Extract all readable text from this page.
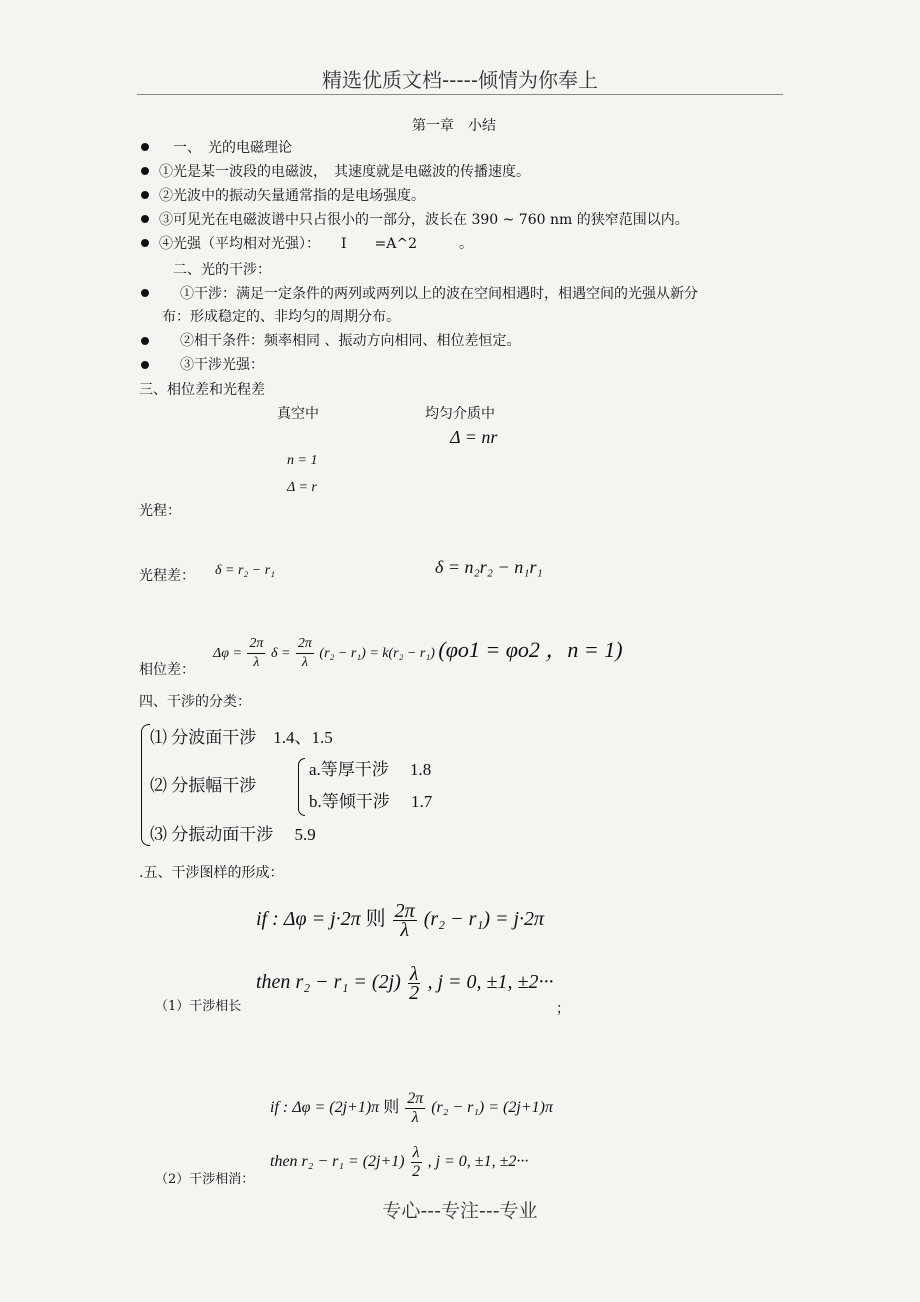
精选优质文档-----倾情为你奉上
第一章　小结
一、　光的电磁理论
①光是某一波段的电磁波，　其速度就是电磁波的传播速度。
②光波中的振动矢量通常指的是电场强度。
③可见光在电磁波谱中只占很小的一部分，波长在 390 ~ 760 nm 的狭窄范围以内。
④光强（平均相对光强）：　　I　　=A^2　　　。
二、光的干涉：
①干涉：满足一定条件的两列或两列以上的波在空间相遇时，相遇空间的光强从新分
布：形成稳定的、非均匀的周期分布。
②相干条件：频率相同 、振动方向相同、相位差恒定。
③干涉光强：
三、相位差和光程差
真空中	均匀介质中
Δ = nr
n = 1
Δ = r
光程：
光程差： δ = r₂ − r₁	δ = n₂r₂ − n₁r₁
相位差：
$\Delta\varphi = \frac{2\pi}{\lambda}$ $\delta = \frac{2\pi}{\lambda} (r_2 - r_1) = k(r_2 - r_1) (\varphi o1 = \varphi o2$ ，n = 1)
四、干涉的分类：
⑴ 分波面干涉　1.4、1.5
⑵ 分振幅干涉
a.等厚干涉　 1.8
b.等倾干涉　 1.7
⑶ 分振动面干涉　 5.9
.五、干涉图样的形成：
if : Δφ = j·2π 则 $\frac{2\pi}{\lambda} (r_2 - r_1) = j\cdot 2\pi$
then $r_2 - r_1 = (2j) \frac{\lambda}{2}$ , j = 0, ±1, ±2···
（1）干涉相长	；
if : Δφ = (2j+1)π 则 $\frac{2\pi}{\lambda} (r_2 - r_1) = (2j+1)\pi$
then $r_2 - r_1 = (2j+1) \frac{\lambda}{2}$ , j = 0, ±1, ±2···
（2）干涉相消：
专心---专注---专业
